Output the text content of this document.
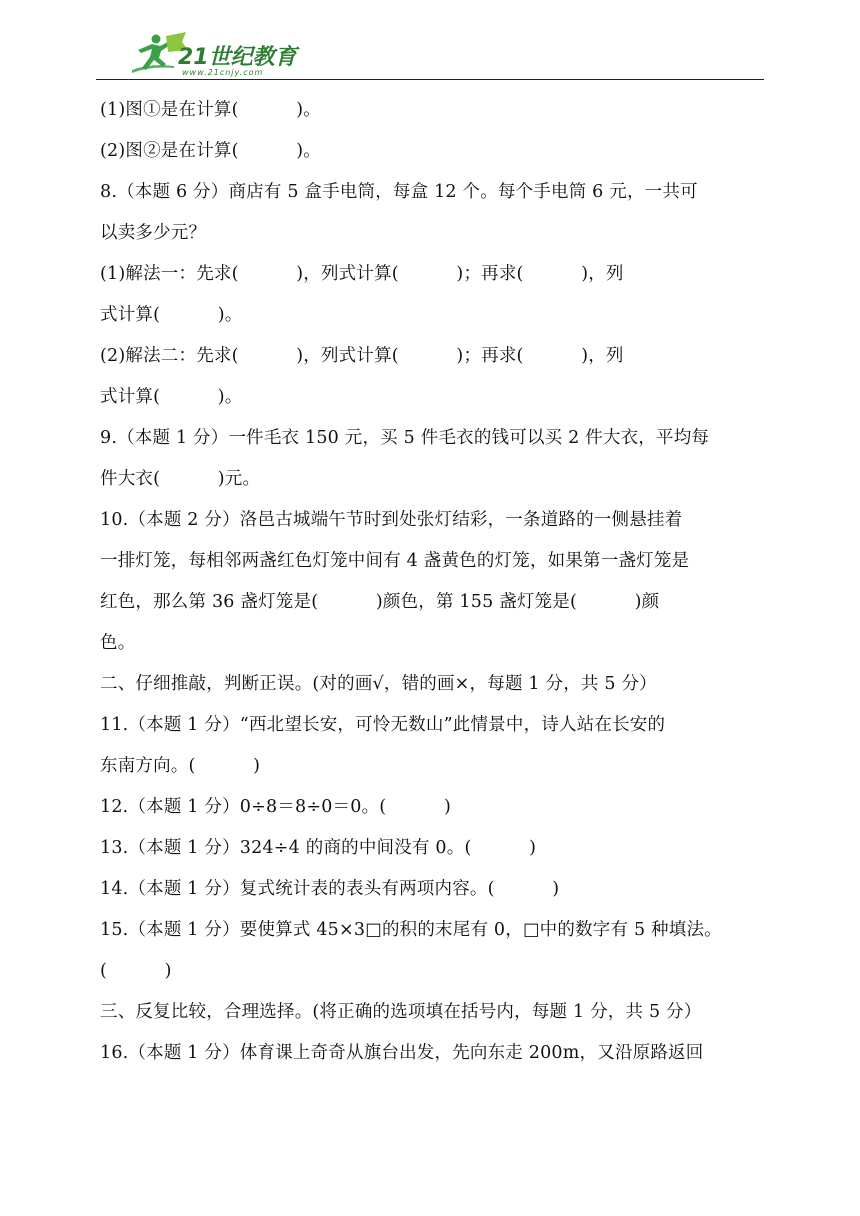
21世纪教育
www.21cnjy.com
(1)图①是在计算(          )。
(2)图②是在计算(          )。
8.（本题 6 分）商店有 5 盒手电筒，每盒 12 个。每个手电筒 6 元，一共可
以卖多少元？
(1)解法一：先求(          )，列式计算(          )；再求(          )，列
式计算(          )。
(2)解法二：先求(          )，列式计算(          )；再求(          )，列
式计算(          )。
9.（本题 1 分）一件毛衣 150 元，买 5 件毛衣的钱可以买 2 件大衣，平均每
件大衣(          )元。
10.（本题 2 分）洛邑古城端午节时到处张灯结彩，一条道路的一侧悬挂着
一排灯笼，每相邻两盏红色灯笼中间有 4 盏黄色的灯笼，如果第一盏灯笼是
红色，那么第 36 盏灯笼是(          )颜色，第 155 盏灯笼是(          )颜
色。
二、仔细推敲，判断正误。(对的画√，错的画×，每题 1 分，共 5 分）
11.（本题 1 分）“西北望长安，可怜无数山”此情景中，诗人站在长安的
东南方向。(          )
12.（本题 1 分）0÷8＝8÷0＝0。(          )
13.（本题 1 分）324÷4 的商的中间没有 0。(          )
14.（本题 1 分）复式统计表的表头有两项内容。(          )
15.（本题 1 分）要使算式 45×3□的积的末尾有 0，□中的数字有 5 种填法。
(          )
三、反复比较，合理选择。(将正确的选项填在括号内，每题 1 分，共 5 分）
16.（本题 1 分）体育课上奇奇从旗台出发，先向东走 200m，又沿原路返回
